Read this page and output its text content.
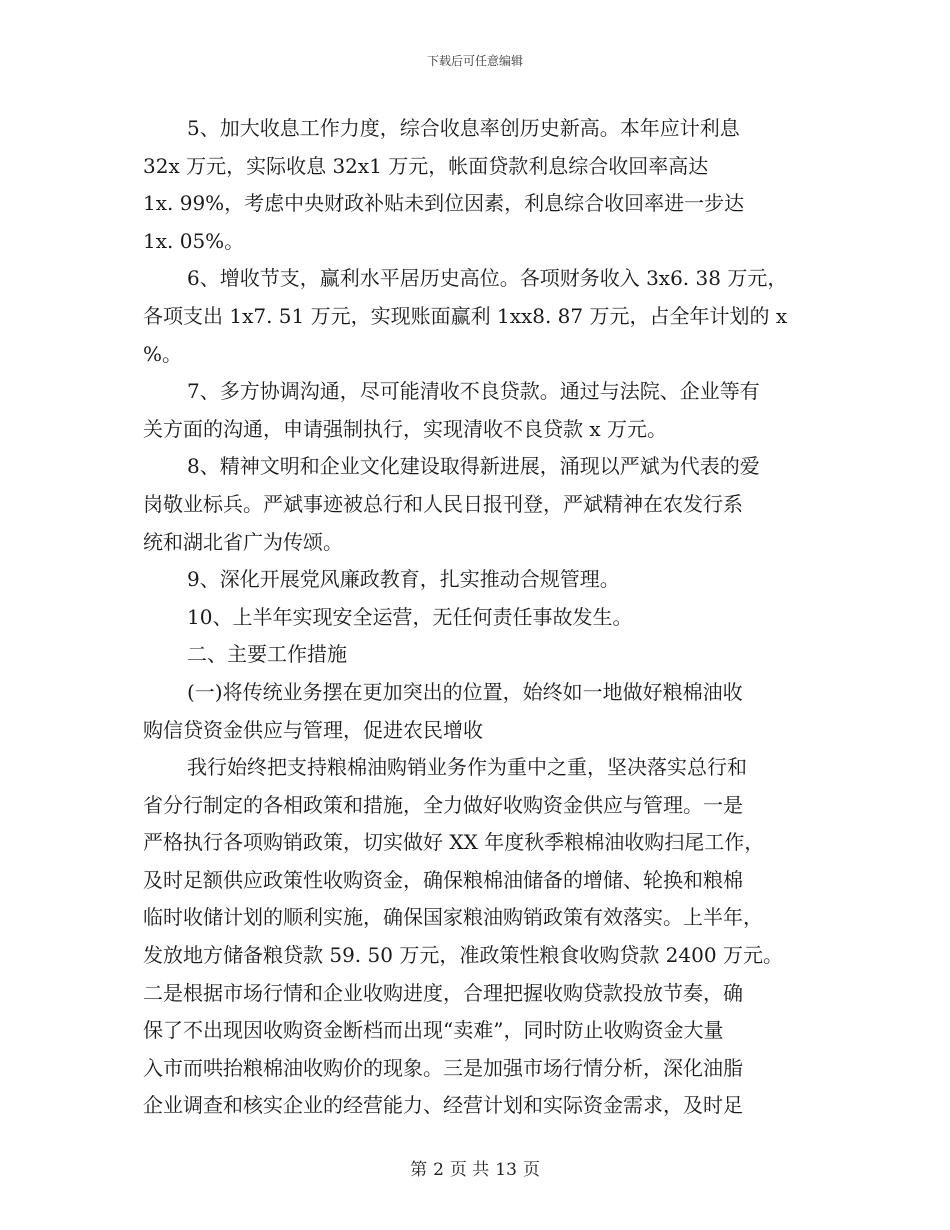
下载后可任意编辑
5、加大收息工作力度，综合收息率创历史新高。本年应计利息
32x 万元，实际收息 32x1 万元，帐面贷款利息综合收回率高达
1x. 99%，考虑中央财政补贴未到位因素，利息综合收回率进一步达
1x. 05%。
6、增收节支，赢利水平居历史高位。各项财务收入 3x6. 38 万元，
各项支出 1x7. 51 万元，实现账面赢利 1xx8. 87 万元，占全年计划的 x
%。
7、多方协调沟通，尽可能清收不良贷款。通过与法院、企业等有
关方面的沟通，申请强制执行，实现清收不良贷款 x 万元。
8、精神文明和企业文化建设取得新进展，涌现以严斌为代表的爱
岗敬业标兵。严斌事迹被总行和人民日报刊登，严斌精神在农发行系
统和湖北省广为传颂。
9、深化开展党风廉政教育，扎实推动合规管理。
10、上半年实现安全运营，无任何责任事故发生。
二、主要工作措施
(一)将传统业务摆在更加突出的位置，始终如一地做好粮棉油收
购信贷资金供应与管理，促进农民增收
我行始终把支持粮棉油购销业务作为重中之重，坚决落实总行和
省分行制定的各相政策和措施，全力做好收购资金供应与管理。一是
严格执行各项购销政策，切实做好 XX 年度秋季粮棉油收购扫尾工作，
及时足额供应政策性收购资金，确保粮棉油储备的增储、轮换和粮棉
临时收储计划的顺利实施，确保国家粮油购销政策有效落实。上半年，
发放地方储备粮贷款 59. 50 万元，准政策性粮食收购贷款 2400 万元。
二是根据市场行情和企业收购进度，合理把握收购贷款投放节奏，确
保了不出现因收购资金断档而出现“卖难”，同时防止收购资金大量
入市而哄抬粮棉油收购价的现象。三是加强市场行情分析，深化油脂
企业调查和核实企业的经营能力、经营计划和实际资金需求，及时足
第 2 页 共 13 页
